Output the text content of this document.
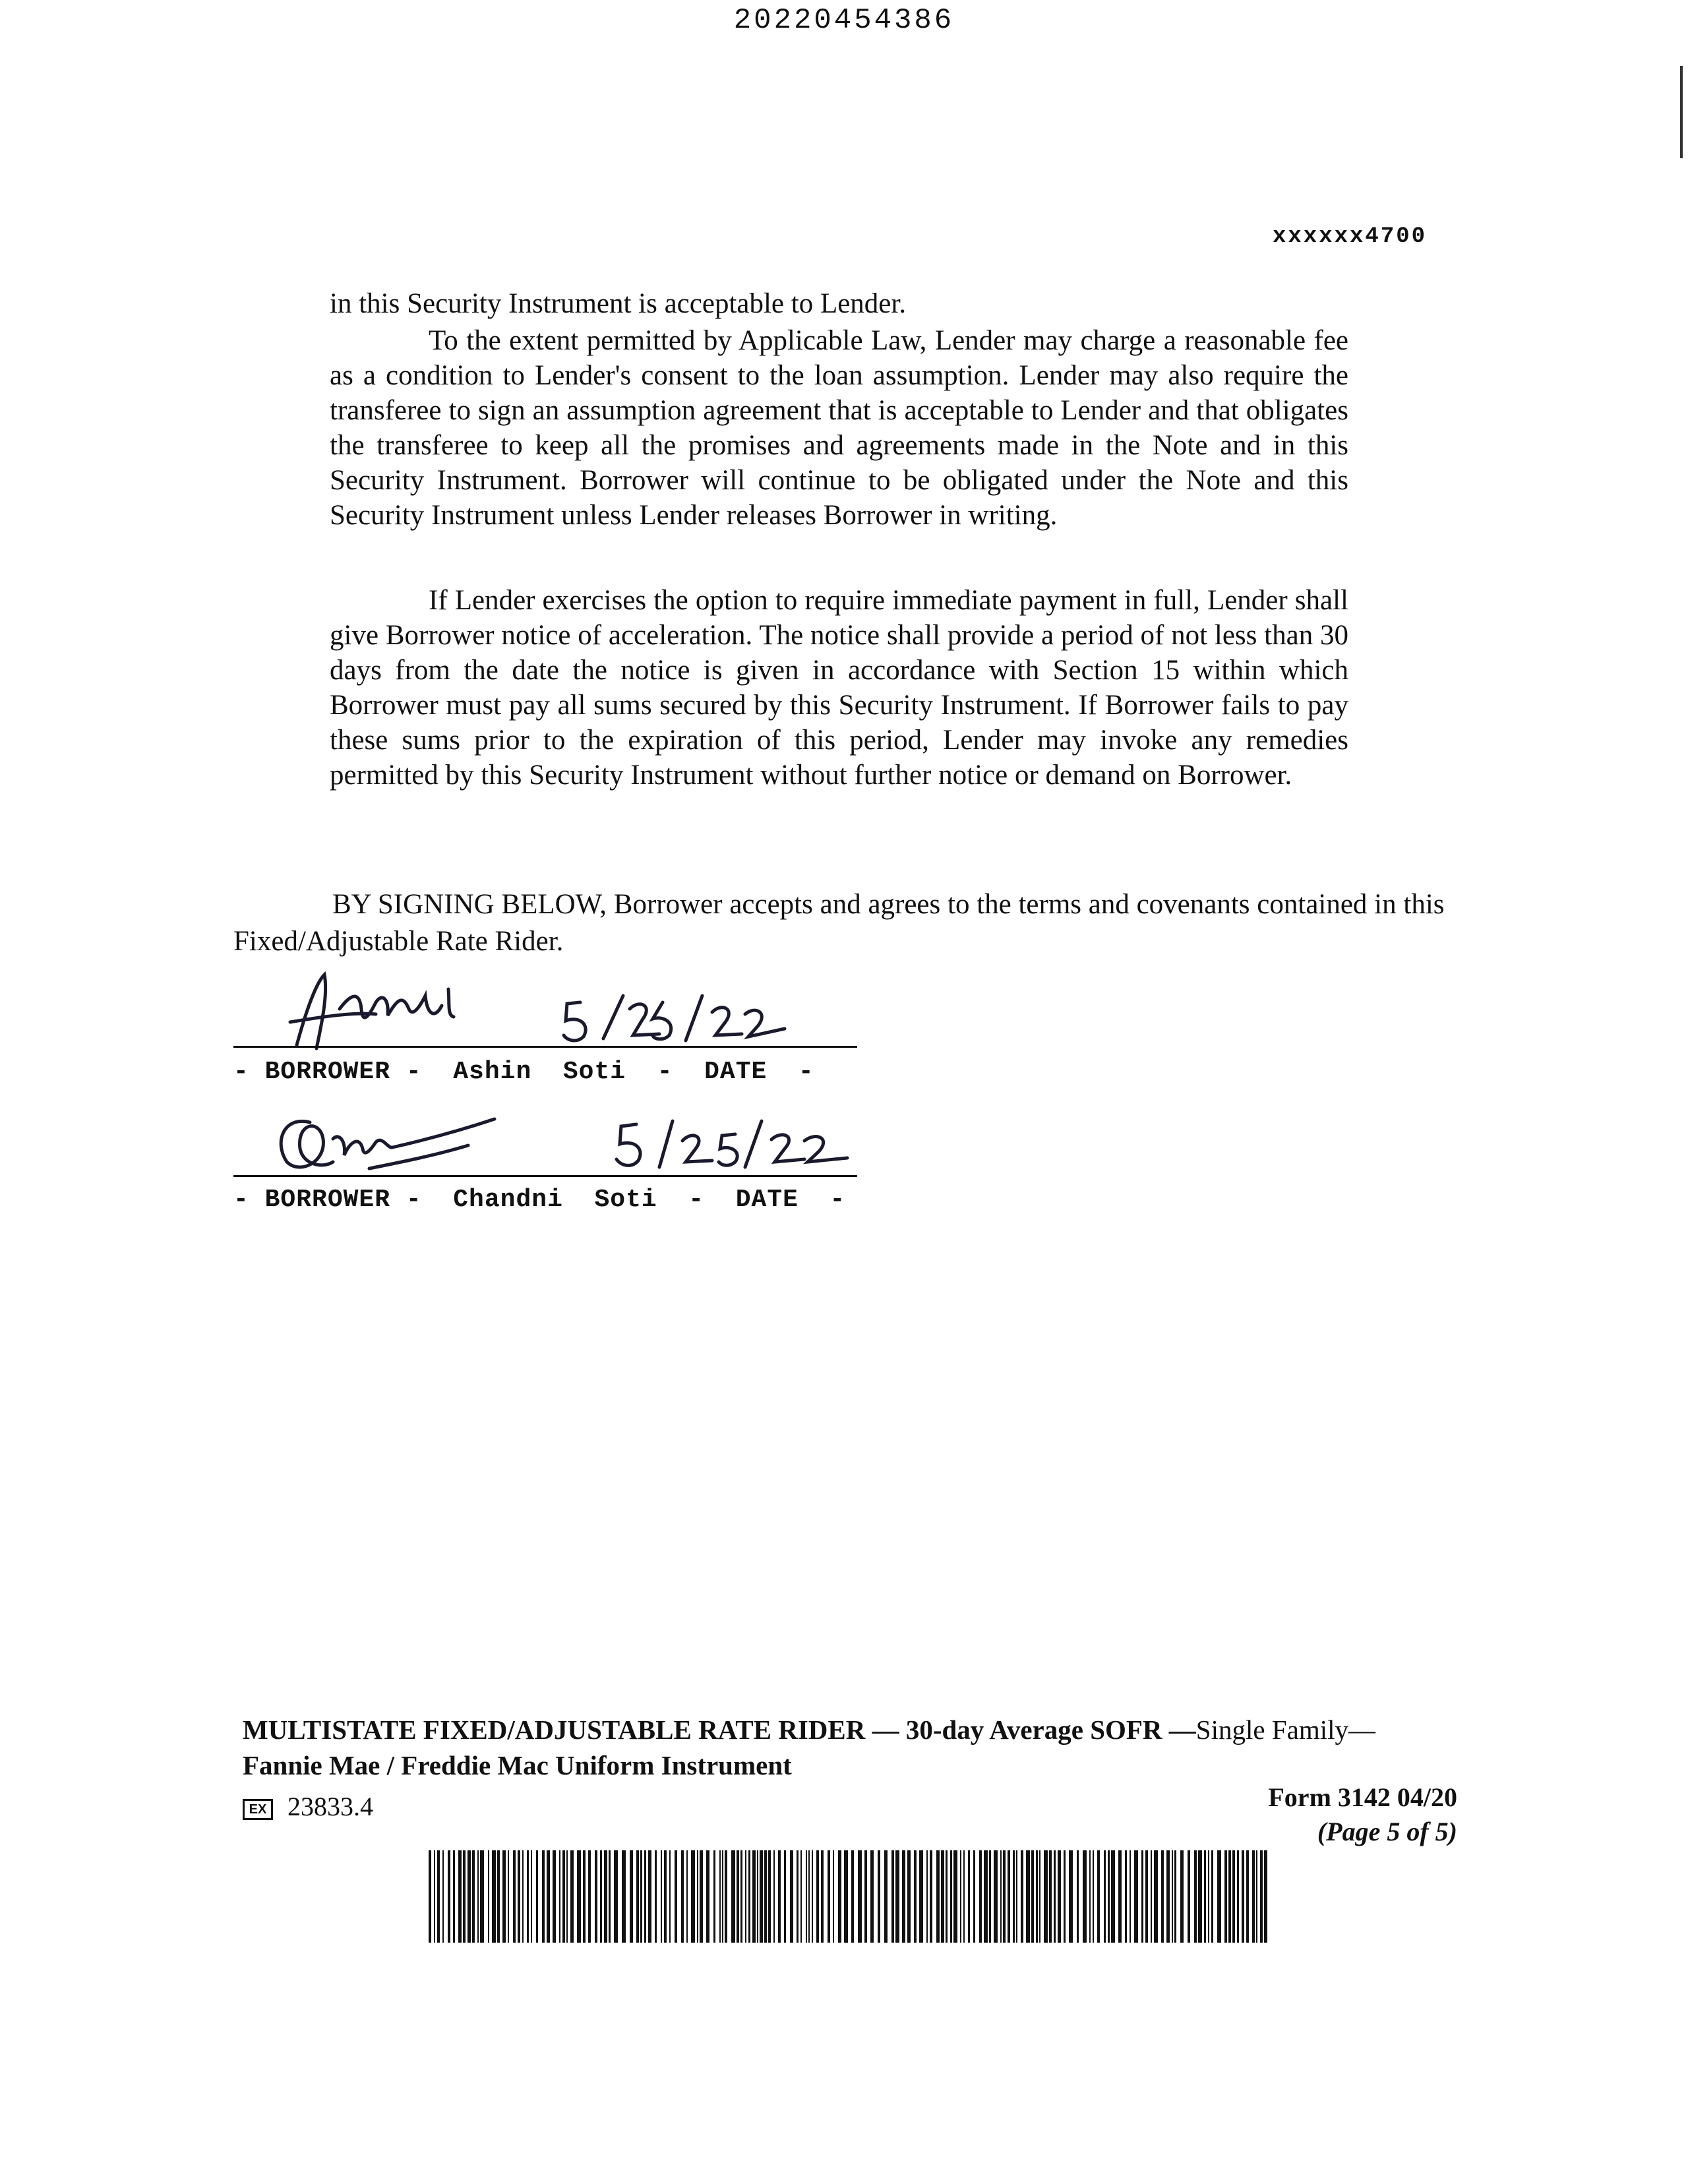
20220454386
xxxxxx4700

in this Security Instrument is acceptable to Lender.

To the extent permitted by Applicable Law, Lender may charge a reasonable fee as a condition to Lender's consent to the loan assumption. Lender may also require the transferee to sign an assumption agreement that is acceptable to Lender and that obligates the transferee to keep all the promises and agreements made in the Note and in this Security Instrument. Borrower will continue to be obligated under the Note and this Security Instrument unless Lender releases Borrower in writing.

If Lender exercises the option to require immediate payment in full, Lender shall give Borrower notice of acceleration. The notice shall provide a period of not less than 30 days from the date the notice is given in accordance with Section 15 within which Borrower must pay all sums secured by this Security Instrument. If Borrower fails to pay these sums prior to the expiration of this period, Lender may invoke any remedies permitted by this Security Instrument without further notice or demand on Borrower.

BY SIGNING BELOW, Borrower accepts and agrees to the terms and covenants contained in this Fixed/Adjustable Rate Rider.

- BORROWER -  Ashin  Soti  -  DATE  -
- BORROWER -  Chandni  Soti  -  DATE  -
MULTISTATE FIXED/ADJUSTABLE RATE RIDER — 30-day Average SOFR —Single Family—
Fannie Mae / Freddie Mac Uniform Instrument
EX 23833.4	Form 3142 04/20
(Page 5 of 5)
